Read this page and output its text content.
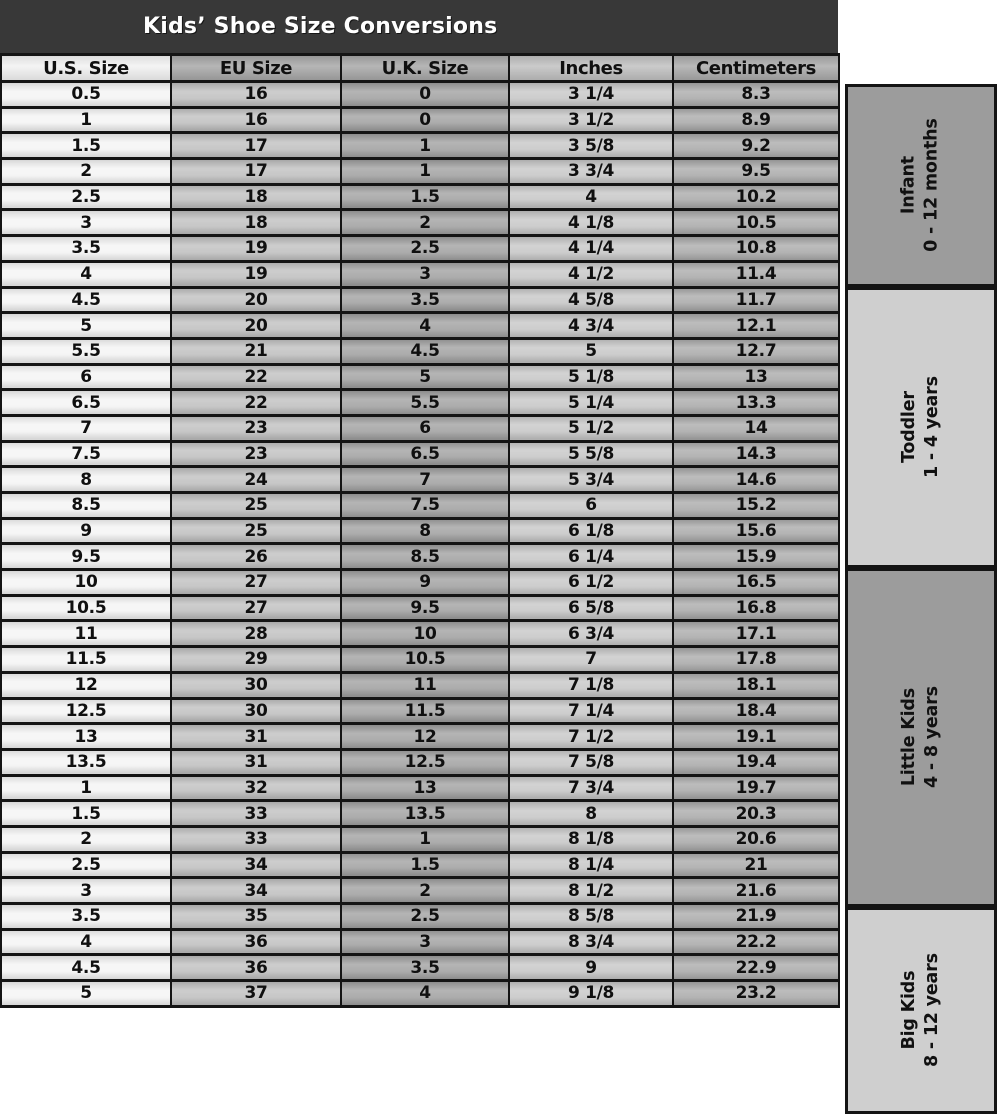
Kids’ Shoe Size Conversions
U.S. Size	EU Size	U.K. Size	Inches	Centimeters
0.5	16	0	3 1/4	8.3
1	16	0	3 1/2	8.9
1.5	17	1	3 5/8	9.2
2	17	1	3 3/4	9.5
2.5	18	1.5	4	10.2
3	18	2	4 1/8	10.5
3.5	19	2.5	4 1/4	10.8
4	19	3	4 1/2	11.4
4.5	20	3.5	4 5/8	11.7
5	20	4	4 3/4	12.1
5.5	21	4.5	5	12.7
6	22	5	5 1/8	13
6.5	22	5.5	5 1/4	13.3
7	23	6	5 1/2	14
7.5	23	6.5	5 5/8	14.3
8	24	7	5 3/4	14.6
8.5	25	7.5	6	15.2
9	25	8	6 1/8	15.6
9.5	26	8.5	6 1/4	15.9
10	27	9	6 1/2	16.5
10.5	27	9.5	6 5/8	16.8
11	28	10	6 3/4	17.1
11.5	29	10.5	7	17.8
12	30	11	7 1/8	18.1
12.5	30	11.5	7 1/4	18.4
13	31	12	7 1/2	19.1
13.5	31	12.5	7 5/8	19.4
1	32	13	7 3/4	19.7
1.5	33	13.5	8	20.3
2	33	1	8 1/8	20.6
2.5	34	1.5	8 1/4	21
3	34	2	8 1/2	21.6
3.5	35	2.5	8 5/8	21.9
4	36	3	8 3/4	22.2
4.5	36	3.5	9	22.9
5	37	4	9 1/8	23.2
Infant 0 - 12 months
Toddler 1 - 4 years
Little Kids 4 - 8 years
Big Kids 8 - 12 years
